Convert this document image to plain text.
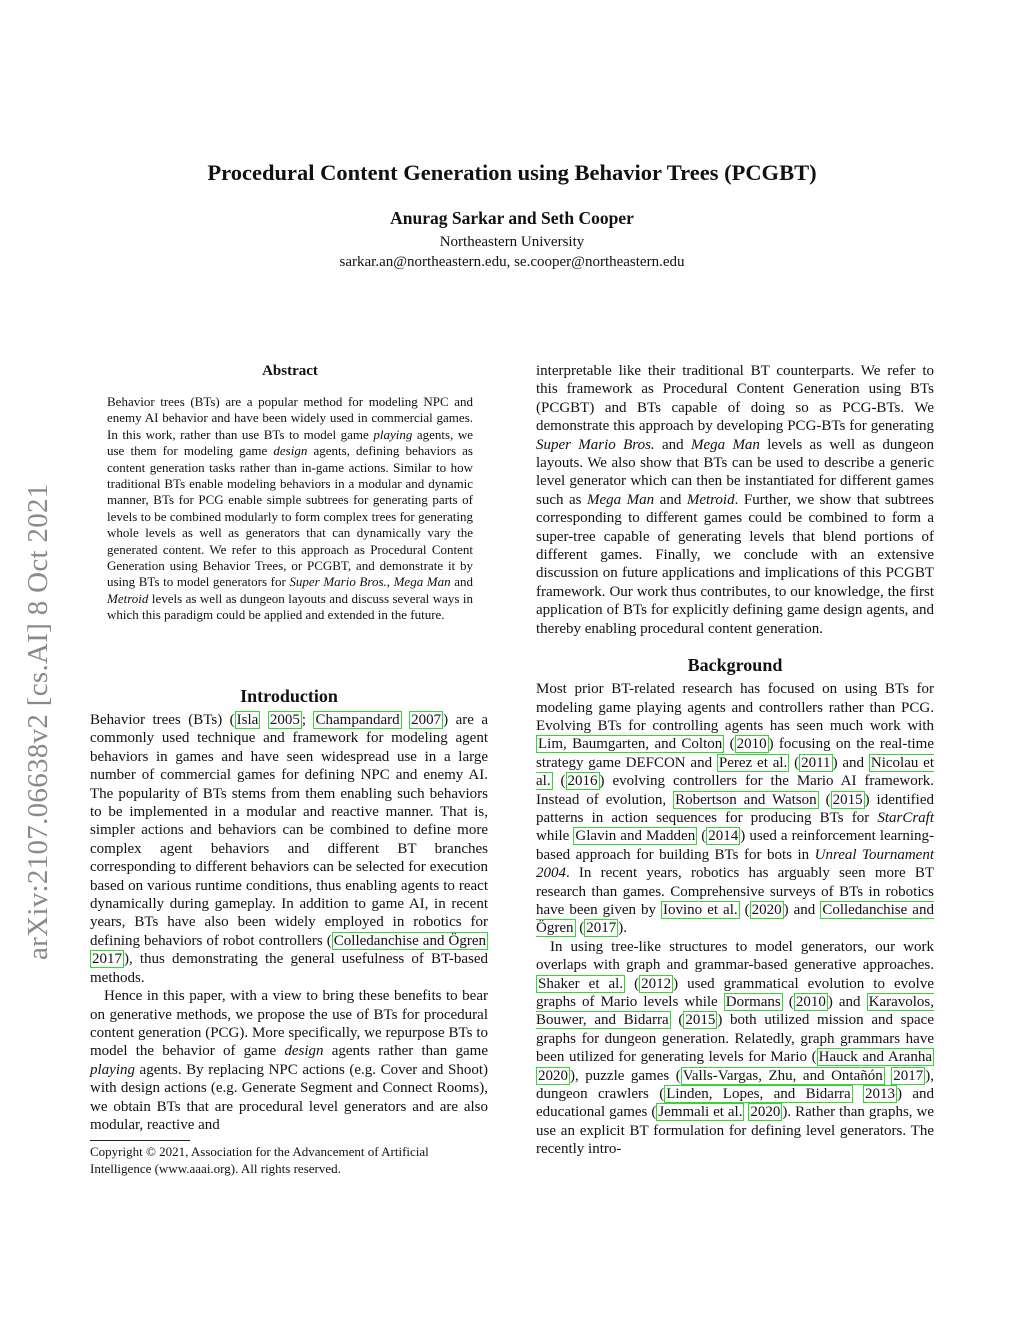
arXiv:2107.06638v2 [cs.AI] 8 Oct 2021
Procedural Content Generation using Behavior Trees (PCGBT)
Anurag Sarkar and Seth Cooper
Northeastern University
sarkar.an@northeastern.edu, se.cooper@northeastern.edu
Abstract

Behavior trees (BTs) are a popular method for modeling NPC and enemy AI behavior and have been widely used in commercial games. In this work, rather than use BTs to model game playing agents, we use them for modeling game design agents, defining behaviors as content generation tasks rather than in-game actions. Similar to how traditional BTs enable modeling behaviors in a modular and dynamic manner, BTs for PCG enable simple subtrees for generating parts of levels to be combined modularly to form complex trees for generating whole levels as well as generators that can dynamically vary the generated content. We refer to this approach as Procedural Content Generation using Behavior Trees, or PCGBT, and demonstrate it by using BTs to model generators for Super Mario Bros., Mega Man and Metroid levels as well as dungeon layouts and discuss several ways in which this paradigm could be applied and extended in the future.

Introduction

Behavior trees (BTs) ( Isla 2005 ; Champandard 2007 ) are a commonly used technique and framework for modeling agent behaviors in games and have seen widespread use in a large number of commercial games for defining NPC and enemy AI. The popularity of BTs stems from them enabling such behaviors to be implemented in a modular and reactive manner. That is, simpler actions and behaviors can be combined to define more complex agent behaviors and different BT branches corresponding to different behaviors can be selected for execution based on various runtime conditions, thus enabling agents to react dynamically during gameplay. In addition to game AI, in recent years, BTs have also been widely employed in robotics for defining behaviors of robot controllers ( Colledanchise and Ögren 2017 ), thus demonstrating the general usefulness of BT-based methods.

Hence in this paper, with a view to bring these benefits to bear on generative methods, we propose the use of BTs for procedural content generation (PCG). More specifically, we repurpose BTs to model the behavior of game design agents rather than game playing agents. By replacing NPC actions (e.g. Cover and Shoot) with design actions (e.g. Generate Segment and Connect Rooms), we obtain BTs that are procedural level generators and are also modular, reactive and

Copyright © 2021, Association for the Advancement of Artificial Intelligence (www.aaai.org). All rights reserved.

interpretable like their traditional BT counterparts. We refer to this framework as Procedural Content Generation using BTs (PCGBT) and BTs capable of doing so as PCG-BTs. We demonstrate this approach by developing PCG-BTs for generating Super Mario Bros. and Mega Man levels as well as dungeon layouts. We also show that BTs can be used to describe a generic level generator which can then be instantiated for different games such as Mega Man and Metroid. Further, we show that subtrees corresponding to different games could be combined to form a super-tree capable of generating levels that blend portions of different games. Finally, we conclude with an extensive discussion on future applications and implications of this PCGBT framework. Our work thus contributes, to our knowledge, the first application of BTs for explicitly defining game design agents, and thereby enabling procedural content generation.

Background

Most prior BT-related research has focused on using BTs for modeling game playing agents and controllers rather than PCG. Evolving BTs for controlling agents has seen much work with Lim, Baumgarten, and Colton ( 2010 ) focusing on the real-time strategy game DEFCON and Perez et al. ( 2011 ) and Nicolau et al. ( 2016 ) evolving controllers for the Mario AI framework. Instead of evolution, Robertson and Watson ( 2015 ) identified patterns in action sequences for producing BTs for StarCraft while Glavin and Madden ( 2014 ) used a reinforcement learning-based approach for building BTs for bots in Unreal Tournament 2004. In recent years, robotics has arguably seen more BT research than games. Comprehensive surveys of BTs in robotics have been given by Iovino et al. ( 2020 ) and Colledanchise and Ögren ( 2017 ).

In using tree-like structures to model generators, our work overlaps with graph and grammar-based generative approaches. Shaker et al. ( 2012 ) used grammatical evolution to evolve graphs of Mario levels while Dormans ( 2010 ) and Karavolos, Bouwer, and Bidarra ( 2015 ) both utilized mission and space graphs for dungeon generation. Relatedly, graph grammars have been utilized for generating levels for Mario ( Hauck and Aranha 2020 ), puzzle games ( Valls-Vargas, Zhu, and Ontañón 2017 ), dungeon crawlers ( Linden, Lopes, and Bidarra 2013 ) and educational games ( Jemmali et al. 2020 ). Rather than graphs, we use an explicit BT formulation for defining level generators. The recently intro-
